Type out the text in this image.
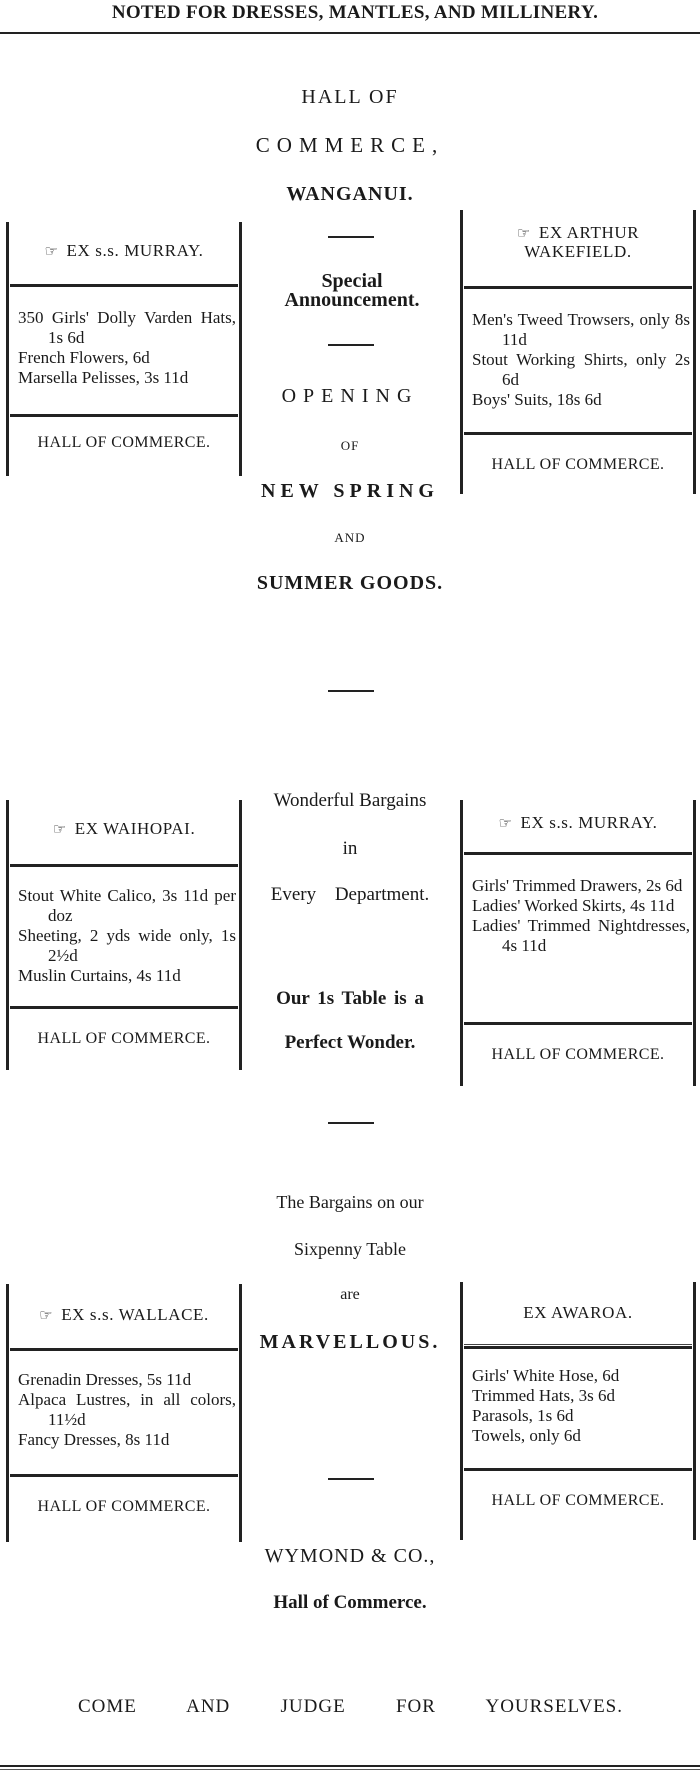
NOTED FOR DRESSES, MANTLES, AND MILLINERY.
HALL OF
COMMERCE,
WANGANUI.
Special Announcement.
OPENING
OF
NEW SPRING
AND
SUMMER GOODS.
Wonderful Bargains
in
Every Department.
Our 1s Table is a
Perfect Wonder.
The Bargains on our
Sixpenny Table
are
MARVELLOUS.
WYMOND & CO.,
Hall of Commerce.
COME AND JUDGE FOR YOURSELVES.
☞ EX s.s. MURRAY.
350 Girls' Dolly Varden Hats, 1s 6d
French Flowers, 6d
Marsella Pelisses, 3s 11d
HALL OF COMMERCE.
☞ EX ARTHUR WAKEFIELD.
Men's Tweed Trowsers, only 8s 11d
Stout Working Shirts, only 2s 6d
Boys' Suits, 18s 6d
HALL OF COMMERCE.
☞ EX WAIHOPAI.
Stout White Calico, 3s 11d per doz
Sheeting, 2 yds wide only, 1s 2½d
Muslin Curtains, 4s 11d
HALL OF COMMERCE.
☞ EX s.s. MURRAY.
Girls' Trimmed Drawers, 2s 6d
Ladies' Worked Skirts, 4s 11d
Ladies' Trimmed Nightdresses, 4s 11d
HALL OF COMMERCE.
☞ EX s.s. WALLACE.
Grenadin Dresses, 5s 11d
Alpaca Lustres, in all colors, 11½d
Fancy Dresses, 8s 11d
HALL OF COMMERCE.
EX AWAROA.
Girls' White Hose, 6d
Trimmed Hats, 3s 6d
Parasols, 1s 6d
Towels, only 6d
HALL OF COMMERCE.
